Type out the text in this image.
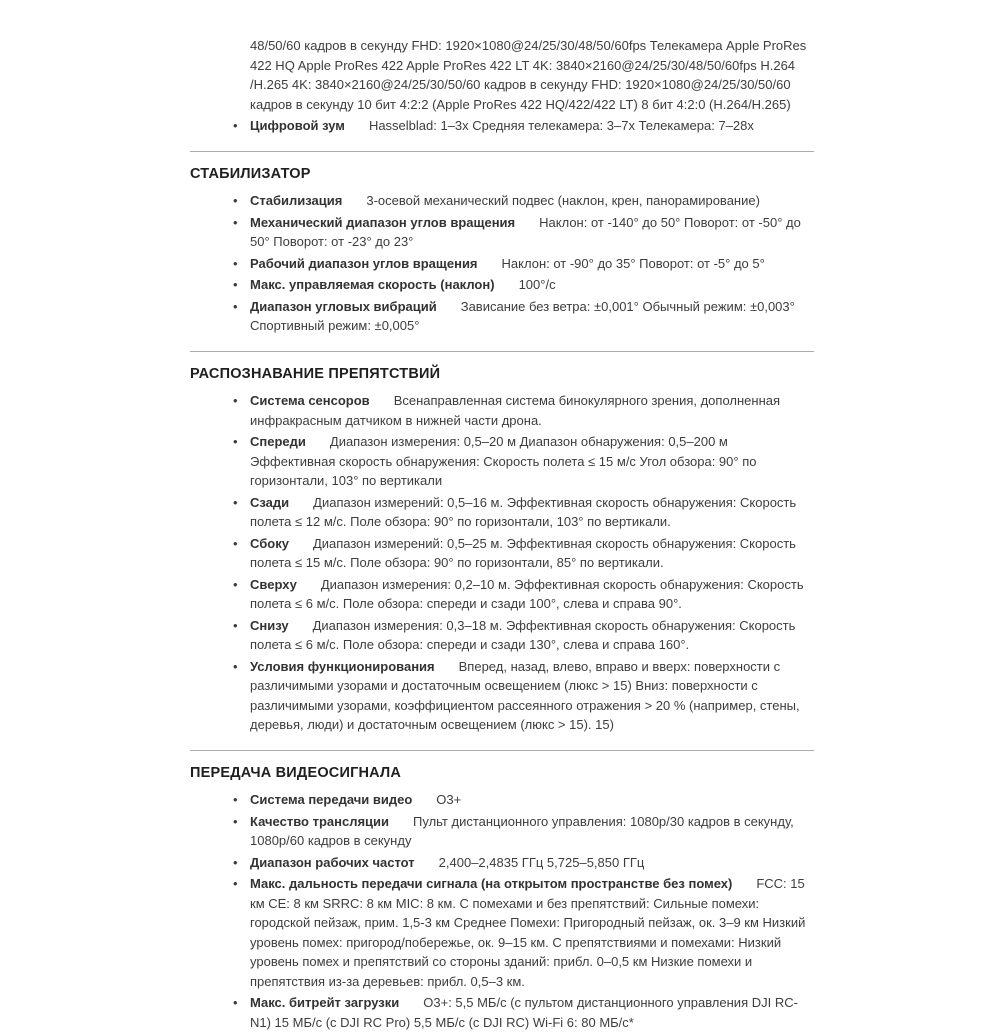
48/50/60 кадров в секунду FHD: 1920×1080@24/25/30/48/50/60fps Телекамера Apple ProRes 422 HQ Apple ProRes 422 Apple ProRes 422 LT 4K: 3840×2160@24/25/30/48/50/60fps H.264 /H.265 4K: 3840×2160@24/25/30/50/60 кадров в секунду FHD: 1920×1080@24/25/30/50/60 кадров в секунду 10 бит 4:2:2 (Apple ProRes 422 HQ/422/422 LT) 8 бит 4:2:0 (H.264/H.265)

• Цифровой зум Hasselblad: 1–3x Средняя телекамера: 3–7x Телекамера: 7–28x
СТАБИЛИЗАТОР
• Стабилизация 3-осевой механический подвес (наклон, крен, панорамирование)
• Механический диапазон углов вращения Наклон: от -140° до 50° Поворот: от -50° до 50° Поворот: от -23° до 23°
• Рабочий диапазон углов вращения Наклон: от -90° до 35° Поворот: от -5° до 5°
• Макс. управляемая скорость (наклон) 100°/с
• Диапазон угловых вибраций Зависание без ветра: ±0,001° Обычный режим: ±0,003° Спортивный режим: ±0,005°
РАСПОЗНАВАНИЕ ПРЕПЯТСТВИЙ
• Система сенсоров Всенаправленная система бинокулярного зрения, дополненная инфракрасным датчиком в нижней части дрона.
• Спереди Диапазон измерения: 0,5–20 м Диапазон обнаружения: 0,5–200 м Эффективная скорость обнаружения: Скорость полета ≤ 15 м/с Угол обзора: 90° по горизонтали, 103° по вертикали
• Сзади Диапазон измерений: 0,5–16 м. Эффективная скорость обнаружения: Скорость полета ≤ 12 м/с. Поле обзора: 90° по горизонтали, 103° по вертикали.
• Сбоку Диапазон измерений: 0,5–25 м. Эффективная скорость обнаружения: Скорость полета ≤ 15 м/с. Поле обзора: 90° по горизонтали, 85° по вертикали.
• Сверху Диапазон измерения: 0,2–10 м. Эффективная скорость обнаружения: Скорость полета ≤ 6 м/с. Поле обзора: спереди и сзади 100°, слева и справа 90°.
• Снизу Диапазон измерения: 0,3–18 м. Эффективная скорость обнаружения: Скорость полета ≤ 6 м/с. Поле обзора: спереди и сзади 130°, слева и справа 160°.
• Условия функционирования Вперед, назад, влево, вправо и вверх: поверхности с различимыми узорами и достаточным освещением (люкс > 15) Вниз: поверхности с различимыми узорами, коэффициентом рассеянного отражения > 20 % (например, стены, деревья, люди) и достаточным освещением (люкс > 15). 15)
ПЕРЕДАЧА ВИДЕОСИГНАЛА
• Система передачи видео O3+
• Качество трансляции Пульт дистанционного управления: 1080p/30 кадров в секунду, 1080p/60 кадров в секунду
• Диапазон рабочих частот 2,400–2,4835 ГГц 5,725–5,850 ГГц
• Макс. дальность передачи сигнала (на открытом пространстве без помех) FCC: 15 км CE: 8 км SRRC: 8 км MIC: 8 км. С помехами и без препятствий: Сильные помехи: городской пейзаж, прим. 1,5-3 км Среднее Помехи: Пригородный пейзаж, ок. 3–9 км Низкий уровень помех: пригород/побережье, ок. 9–15 км. С препятствиями и помехами: Низкий уровень помех и препятствий со стороны зданий: прибл. 0–0,5 км Низкие помехи и препятствия из-за деревьев: прибл. 0,5–3 км.
• Макс. битрейт загрузки O3+: 5,5 МБ/с (с пультом дистанционного управления DJI RC-N1) 15 МБ/с (с DJI RC Pro) 5,5 МБ/с (с DJI RC) Wi-Fi 6: 80 МБ/с*
